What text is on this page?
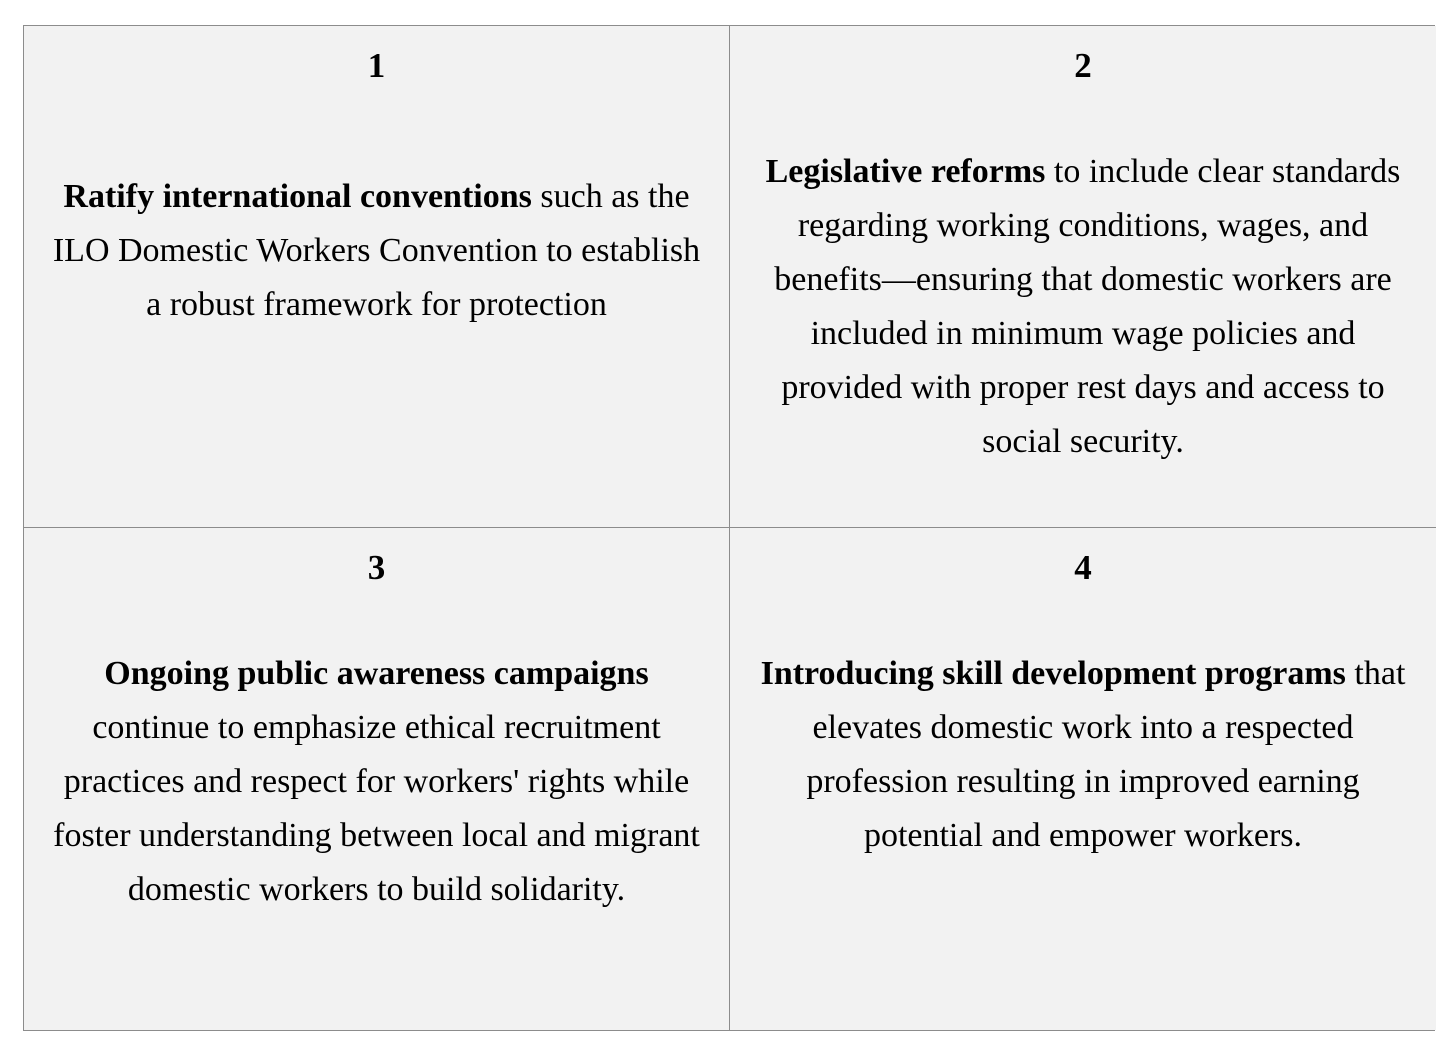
1
Ratify international conventions such as the ILO Domestic Workers Convention to establish a robust framework for protection
2
Legislative reforms to include clear standards regarding working conditions, wages, and benefits—ensuring that domestic workers are included in minimum wage policies and provided with proper rest days and access to social security.
3
Ongoing public awareness campaigns continue to emphasize ethical recruitment practices and respect for workers' rights while foster understanding between local and migrant domestic workers to build solidarity.
4
Introducing skill development programs that elevates domestic work into a respected profession resulting in improved earning potential and empower workers.
